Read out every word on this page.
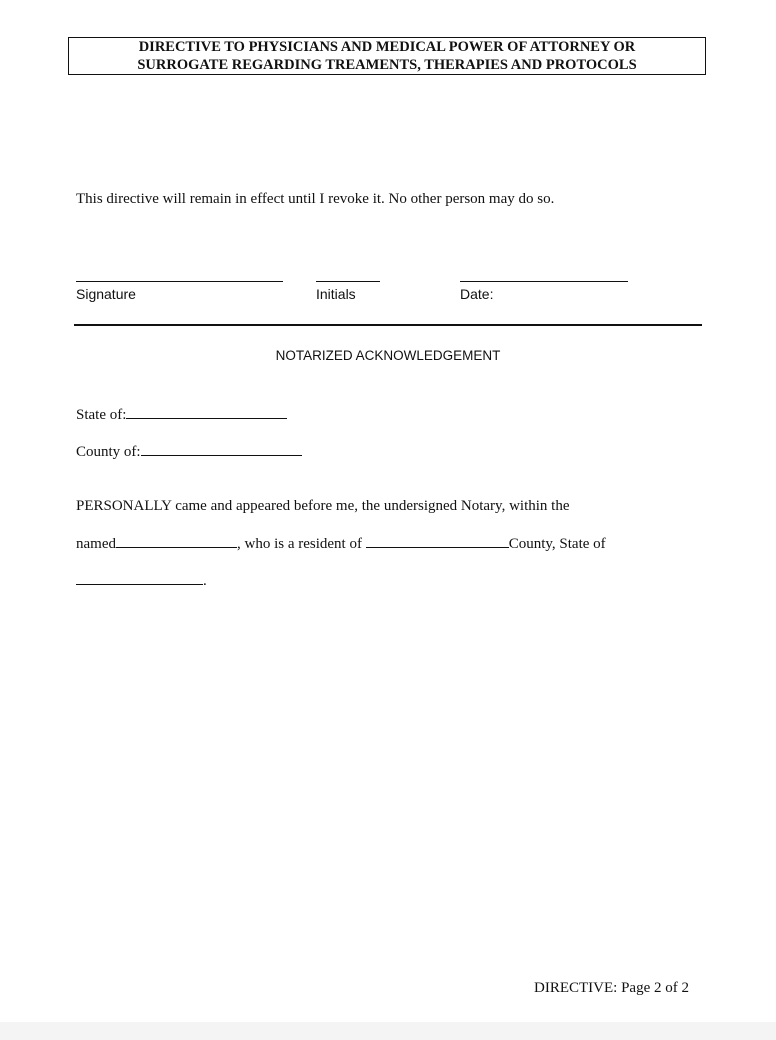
DIRECTIVE TO PHYSICIANS AND MEDICAL POWER OF ATTORNEY OR
SURROGATE REGARDING TREAMENTS, THERAPIES AND PROTOCOLS
This directive will remain in effect until I revoke it. No other person may do so.
Signature	Initials	Date:
NOTARIZED ACKNOWLEDGEMENT
State of:
County of:
PERSONALLY came and appeared before me, the undersigned Notary, within the
named	, who is a resident of	County, State of
.
DIRECTIVE: Page 2 of 2
